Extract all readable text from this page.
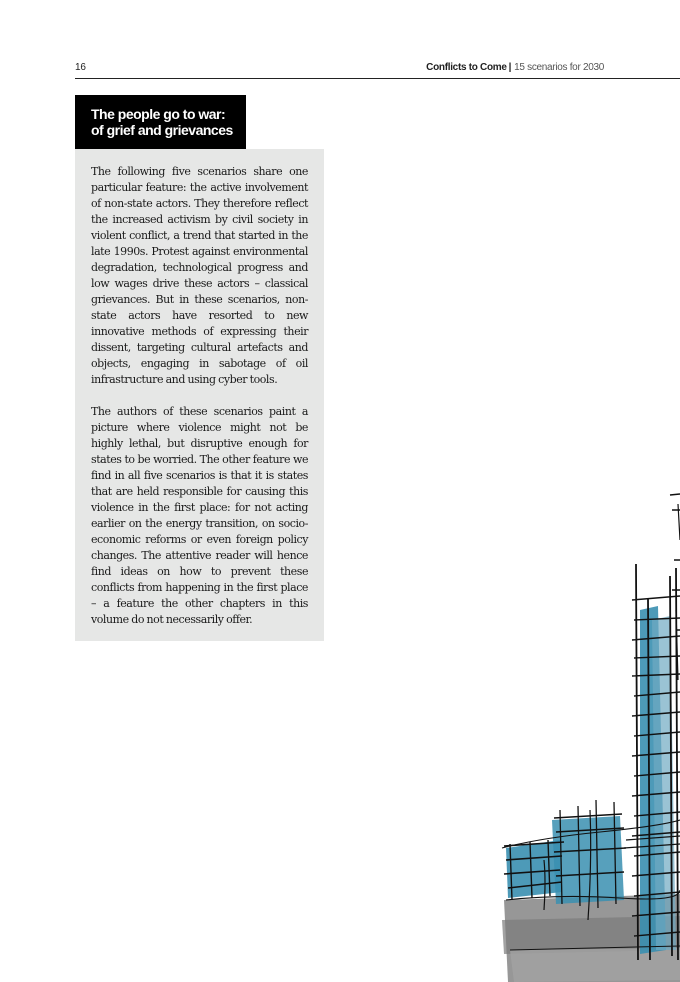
16	Conflicts to Come | 15 scenarios for 2030
The people go to war: of grief and grievances

The following five scenarios share one particular feature: the active involvement of non-state actors. They therefore reflect the increased activism by civil society in violent conflict, a trend that started in the late 1990s. Protest against environmental degradation, technological progress and low wages drive these actors – classical grievances. But in these scenarios, non-state actors have resorted to new innovative methods of expressing their dissent, targeting cultural artefacts and objects, engaging in sabotage of oil infrastructure and using cyber tools.

The authors of these scenarios paint a picture where violence might not be highly lethal, but disruptive enough for states to be worried. The other feature we find in all five scenarios is that it is states that are held responsible for causing this violence in the first place: for not acting earlier on the energy transition, on socio-economic reforms or even foreign policy changes. The attentive reader will hence find ideas on how to prevent these conflicts from happening in the first place – a feature the other chapters in this volume do not necessarily offer.
